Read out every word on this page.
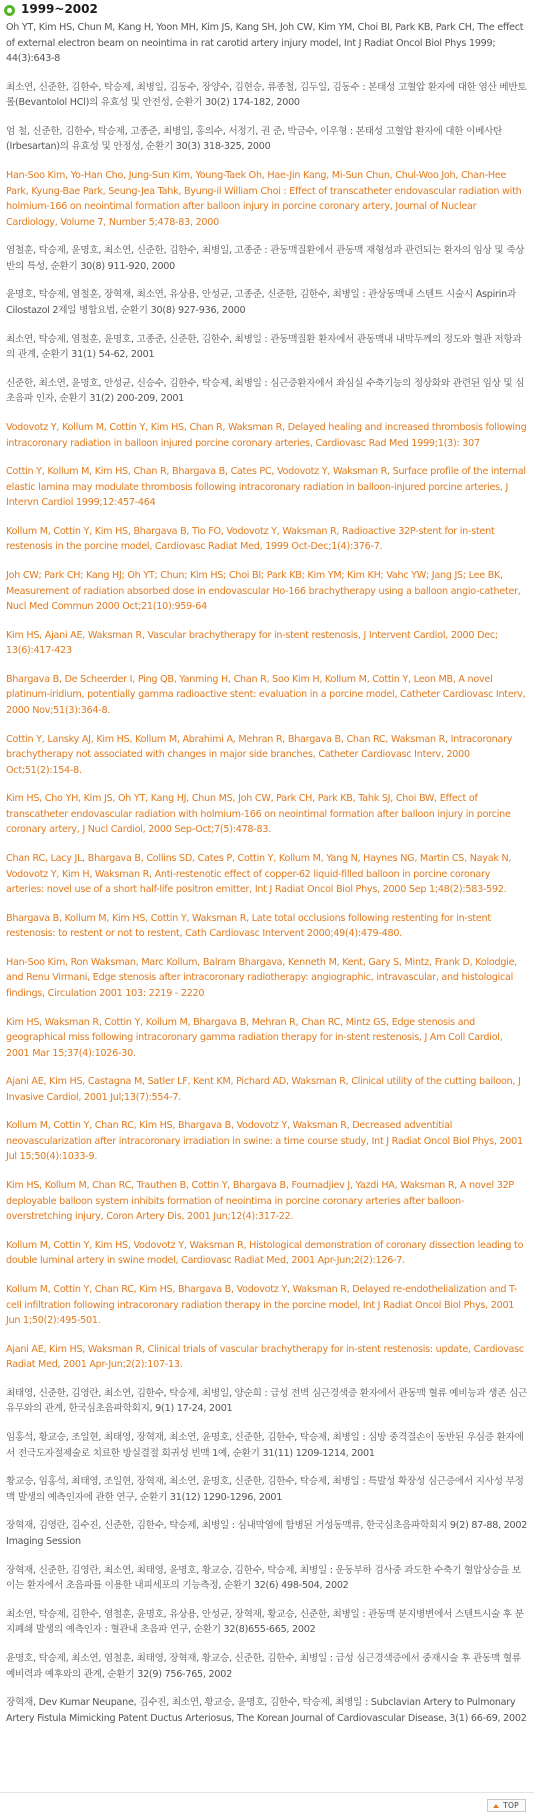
1999~2002
Oh YT, Kim HS, Chun M, Kang H, Yoon MH, Kim JS, Kang SH, Joh CW, Kim YM, Choi BI, Park KB, Park CH, The effect of external electron beam on neointima in rat carotid artery injury model, Int J Radiat Oncol Biol Phys 1999; 44(3):643-8
최소연, 신준한, 김한수, 탁승제, 최병일, 김동수, 장양수, 김현승, 류종철, 김두일, 김동수 : 본태성 고혈압 환자에 대한 염산 베반토롤(Bevantolol HCl)의 유효성 및 안전성, 순환기 30(2) 174-182, 2000
엄 철, 신준한, 김한수, 탁승제, 고종준, 최병일, 홍의수, 서정기, 권 준, 박금수, 이우형 : 본태성 고혈압 환자에 대한 이베사탄(Irbesartan)의 유효성 및 안정성, 순환기 30(3) 318-325, 2000
Han-Soo Kim, Yo-Han Cho, Jung-Sun Kim, Young-Taek Oh, Hae-Jin Kang, Mi-Sun Chun, Chul-Woo Joh, Chan-Hee Park, Kyung-Bae Park, Seung-Jea Tahk, Byung-il William Choi : Effect of transcatheter endovascular radiation with holmium-166 on neointimal formation after balloon injury in porcine coronary artery, Journal of Nuclear Cardiology, Volume 7, Number 5;478-83, 2000
염철훈, 탁승제, 윤명호, 최소연, 신준한, 김한수, 최병일, 고종준 : 관동맥질환에서 관동맥 재형성과 관련되는 환자의 임상 및 죽상반의 특성, 순환기 30(8) 911-920, 2000
윤명호, 탁승제, 염철훈, 장혁재, 최소연, 유상용, 안성균, 고종준, 신준한, 김한수, 최병일 : 관상동맥내 스텐트 시술시 Aspirin과 Cilostazol 2제일 병합요법, 순환기 30(8) 927-936, 2000
최소연, 탁승제, 염철훈, 윤명호, 고종준, 신준한, 김한수, 최병일 : 관동맥질환 환자에서 관동맥내 내막두께의 정도와 혈관 저항과의 관계, 순환기 31(1) 54-62, 2001
신준한, 최소연, 윤명호, 안성균, 신승수, 김한수, 탁승제, 최병일 : 심근증환자에서 좌심실 수축기능의 정상화와 관련된 임상 및 심초음파 인자, 순환기 31(2) 200-209, 2001
Vodovotz Y, Kollum M, Cottin Y, Kim HS, Chan R, Waksman R, Delayed healing and increased thrombosis following intracoronary radiation in balloon injured porcine coronary arteries, Cardiovasc Rad Med 1999;1(3): 307
Cottin Y, Kollum M, Kim HS, Chan R, Bhargava B, Cates PC, Vodovotz Y, Waksman R, Surface profile of the internal elastic lamina may modulate thrombosis following intracoronary radiation in balloon-injured porcine arteries, J Intervn Cardiol 1999;12:457-464
Kollum M, Cottin Y, Kim HS, Bhargava B, Tio FO, Vodovotz Y, Waksman R, Radioactive 32P-stent for in-stent restenosis in the porcine model, Cardiovasc Radiat Med, 1999 Oct-Dec;1(4):376-7.
Joh CW; Park CH; Kang HJ; Oh YT; Chun; Kim HS; Choi BI; Park KB; Kim YM; Kim KH; Vahc YW; Jang JS; Lee BK, Measurement of radiation absorbed dose in endovascular Ho-166 brachytherapy using a balloon angio-catheter, Nucl Med Commun 2000 Oct;21(10):959-64
Kim HS, Ajani AE, Waksman R, Vascular brachytherapy for in-stent restenosis, J Intervent Cardiol, 2000 Dec; 13(6):417-423
Bhargava B, De Scheerder I, Ping QB, Yanming H, Chan R, Soo Kim H, Kollum M, Cottin Y, Leon MB, A novel platinum-iridium, potentially gamma radioactive stent: evaluation in a porcine model, Catheter Cardiovasc Interv, 2000 Nov;51(3):364-8.
Cottin Y, Lansky AJ, Kim HS, Kollum M, Abrahimi A, Mehran R, Bhargava B, Chan RC, Waksman R, Intracoronary brachytherapy not associated with changes in major side branches, Catheter Cardiovasc Interv, 2000 Oct;51(2):154-8.
Kim HS, Cho YH, Kim JS, Oh YT, Kang HJ, Chun MS, Joh CW, Park CH, Park KB, Tahk SJ, Choi BW, Effect of transcatheter endovascular radiation with holmium-166 on neointimal formation after balloon injury in porcine coronary artery, J Nucl Cardiol, 2000 Sep-Oct;7(5):478-83.
Chan RC, Lacy JL, Bhargava B, Collins SD, Cates P, Cottin Y, Kollum M, Yang N, Haynes NG, Martin CS, Nayak N, Vodovotz Y, Kim H, Waksman R, Anti-restenotic effect of copper-62 liquid-filled balloon in porcine coronary arteries: novel use of a short half-life positron emitter, Int J Radiat Oncol Biol Phys, 2000 Sep 1;48(2):583-592.
Bhargava B, Kollum M, Kim HS, Cottin Y, Waksman R, Late total occlusions following restenting for in-stent restenosis: to restent or not to restent, Cath Cardiovasc Intervent 2000;49(4):479-480.
Han-Soo Kim, Ron Waksman, Marc Kollum, Balram Bhargava, Kenneth M, Kent, Gary S, Mintz, Frank D, Kolodgie, and Renu Virmani, Edge stenosis after intracoronary radiotherapy: angiographic, intravascular, and histological findings, Circulation 2001 103: 2219 - 2220
Kim HS, Waksman R, Cottin Y, Kollum M, Bhargava B, Mehran R, Chan RC, Mintz GS, Edge stenosis and geographical miss following intracoronary gamma radiation therapy for in-stent restenosis, J Am Coll Cardiol, 2001 Mar 15;37(4):1026-30.
Ajani AE, Kim HS, Castagna M, Satler LF, Kent KM, Pichard AD, Waksman R, Clinical utility of the cutting balloon, J Invasive Cardiol, 2001 Jul;13(7):554-7.
Kollum M, Cottin Y, Chan RC, Kim HS, Bhargava B, Vodovotz Y, Waksman R, Decreased adventitial neovascularization after intracoronary irradiation in swine: a time course study, Int J Radiat Oncol Biol Phys, 2001 Jul 15;50(4):1033-9.
Kim HS, Kollum M, Chan RC, Trauthen B, Cottin Y, Bhargava B, Fournadjiev J, Yazdi HA, Waksman R, A novel 32P deployable balloon system inhibits formation of neointima in porcine coronary arteries after balloon-overstretching injury, Coron Artery Dis, 2001 Jun;12(4):317-22.
Kollum M, Cottin Y, Kim HS, Vodovotz Y, Waksman R, Histological demonstration of coronary dissection leading to double luminal artery in swine model, Cardiovasc Radiat Med, 2001 Apr-Jun;2(2):126-7.
Kollum M, Cottin Y, Chan RC, Kim HS, Bhargava B, Vodovotz Y, Waksman R, Delayed re-endothelialization and T-cell infiltration following intracoronary radiation therapy in the porcine model, Int J Radiat Oncol Biol Phys, 2001 Jun 1;50(2):495-501.
Ajani AE, Kim HS, Waksman R, Clinical trials of vascular brachytherapy for in-stent restenosis: update, Cardiovasc Radiat Med, 2001 Apr-Jun;2(2):107-13.
최태영, 신준한, 김영란, 최소연, 김한수, 탁승제, 최병일, 양순희 : 급성 전벽 심근경색증 환자에서 관동맥 혈류 예비능과 생존 심근 유무와의 관계, 한국심초음파학회지, 9(1) 17-24, 2001
임홍석, 황교승, 조일현, 최태영, 장혁재, 최소연, 윤명호, 신준한, 김한수, 탁승제, 최병일 : 심방 중격결손이 동반된 우심증 환자에서 전극도자절제술로 치료한 방실결절 회귀성 빈맥 1예, 순환기 31(11) 1209-1214, 2001
황교승, 임홍석, 최태영, 조일현, 장혁재, 최소연, 윤명호, 신준한, 김한수, 탁승제, 최병일 : 특발성 확장성 심근증에서 지사성 부정맥 발생의 예측인자에 관한 연구, 순환기 31(12) 1290-1296, 2001
장혁재, 김영란, 김수진, 신준한, 김한수, 탁승제, 최병일 : 심내막염에 합병된 거성동맥류, 한국심초음파학회지 9(2) 87-88, 2002 Imaging Session
장혁재, 신준한, 김영란, 최소연, 최태영, 윤명호, 황교승, 김한수, 탁승제, 최병일 : 운동부하 검사중 과도한 수축기 혈압상승을 보이는 환자에서 초음파를 이용한 내피세포의 기능측정, 순환기 32(6) 498-504, 2002
최소연, 탁승제, 김한수, 염철훈, 윤명호, 유상용, 안성균, 장혁재, 황교승, 신준한, 최병일 : 관동맥 분지병변에서 스텐트시술 후 분지폐쇄 발생의 예측인자 : 혈관내 초음파 연구, 순환기 32(8)655-665, 2002
윤명호, 탁승제, 최소연, 염철훈, 최태영, 장혁재, 황교승, 신준한, 김한수, 최병일 : 급성 심근경색증에서 중재시술 후 관동맥 혈류예비력과 예후와의 관계, 순환기 32(9) 756-765, 2002
장혁재, Dev Kumar Neupane, 김수진, 최소연, 황교승, 윤명호, 김한수, 탁승제, 최병일 : Subclavian Artery to Pulmonary Artery Fistula Mimicking Patent Ductus Arteriosus, The Korean Journal of Cardiovascular Disease, 3(1) 66-69, 2002
TOP
